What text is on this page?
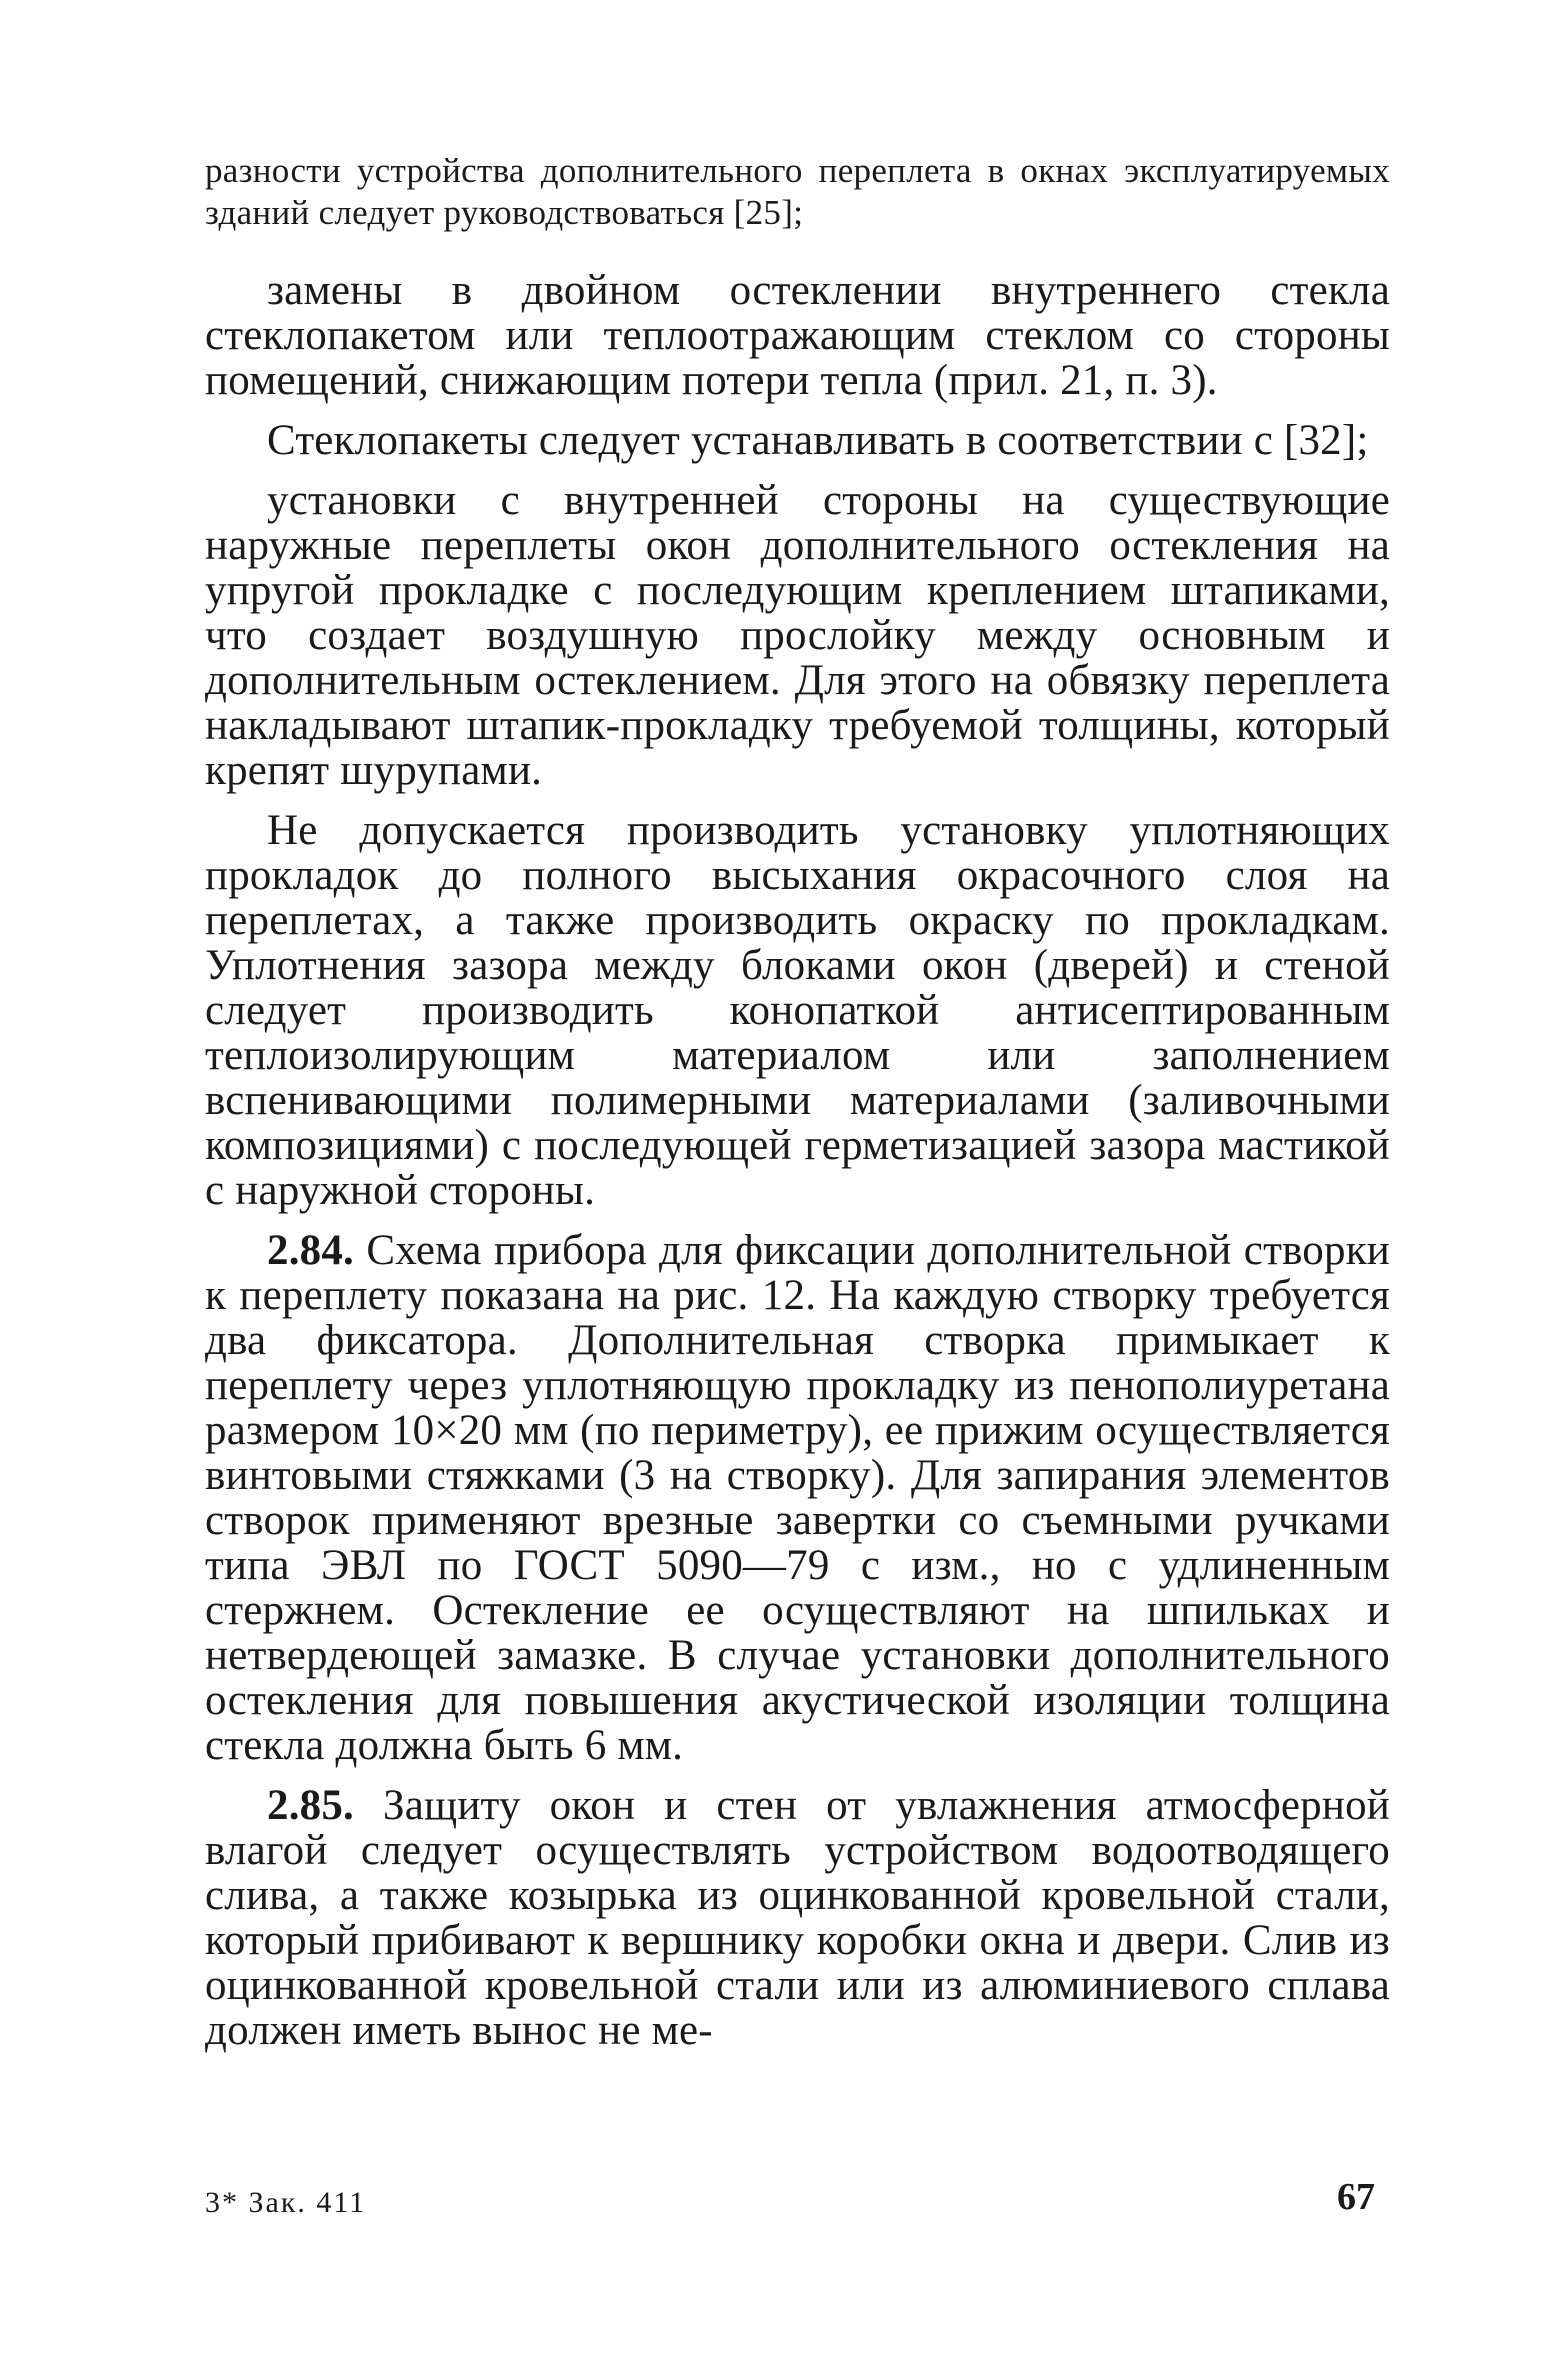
разности устройства дополнительного переплета в окнах эксплуатируемых зданий следует руководствоваться [25];

замены в двойном остеклении внутреннего стекла стеклопакетом или теплоотражающим стеклом со стороны помещений, снижающим потери тепла (прил. 21, п. 3).

Стеклопакеты следует устанавливать в соответствии с [32];

установки с внутренней стороны на существующие наружные переплеты окон дополнительного остекления на упругой прокладке с последующим креплением штапиками, что создает воздушную прослойку между основным и дополнительным остеклением. Для этого на обвязку переплета накладывают штапик-прокладку требуемой толщины, который крепят шурупами.

Не допускается производить установку уплотняющих прокладок до полного высыхания окрасочного слоя на переплетах, а также производить окраску по прокладкам. Уплотнения зазора между блоками окон (дверей) и стеной следует производить конопаткой антисептированным теплоизолирующим материалом или заполнением вспенивающими полимерными материалами (заливочными композициями) с последующей герметизацией зазора мастикой с наружной стороны.

2.84. Схема прибора для фиксации дополнительной створки к переплету показана на рис. 12. На каждую створку требуется два фиксатора. Дополнительная створка примыкает к переплету через уплотняющую прокладку из пенополиуретана размером 10×20 мм (по периметру), ее прижим осуществляется винтовыми стяжками (3 на створку). Для запирания элементов створок применяют врезные завертки со съемными ручками типа ЭВЛ по ГОСТ 5090—79 с изм., но с удлиненным стержнем. Остекление ее осуществляют на шпильках и нетвердеющей замазке. В случае установки дополнительного остекления для повышения акустической изоляции толщина стекла должна быть 6 мм.

2.85. Защиту окон и стен от увлажнения атмосферной влагой следует осуществлять устройством водоотводящего слива, а также козырька из оцинкованной кровельной стали, который прибивают к вершнику коробки окна и двери. Слив из оцинкованной кровельной стали или из алюминиевого сплава должен иметь вынос не ме-

3* Зак. 411	67
